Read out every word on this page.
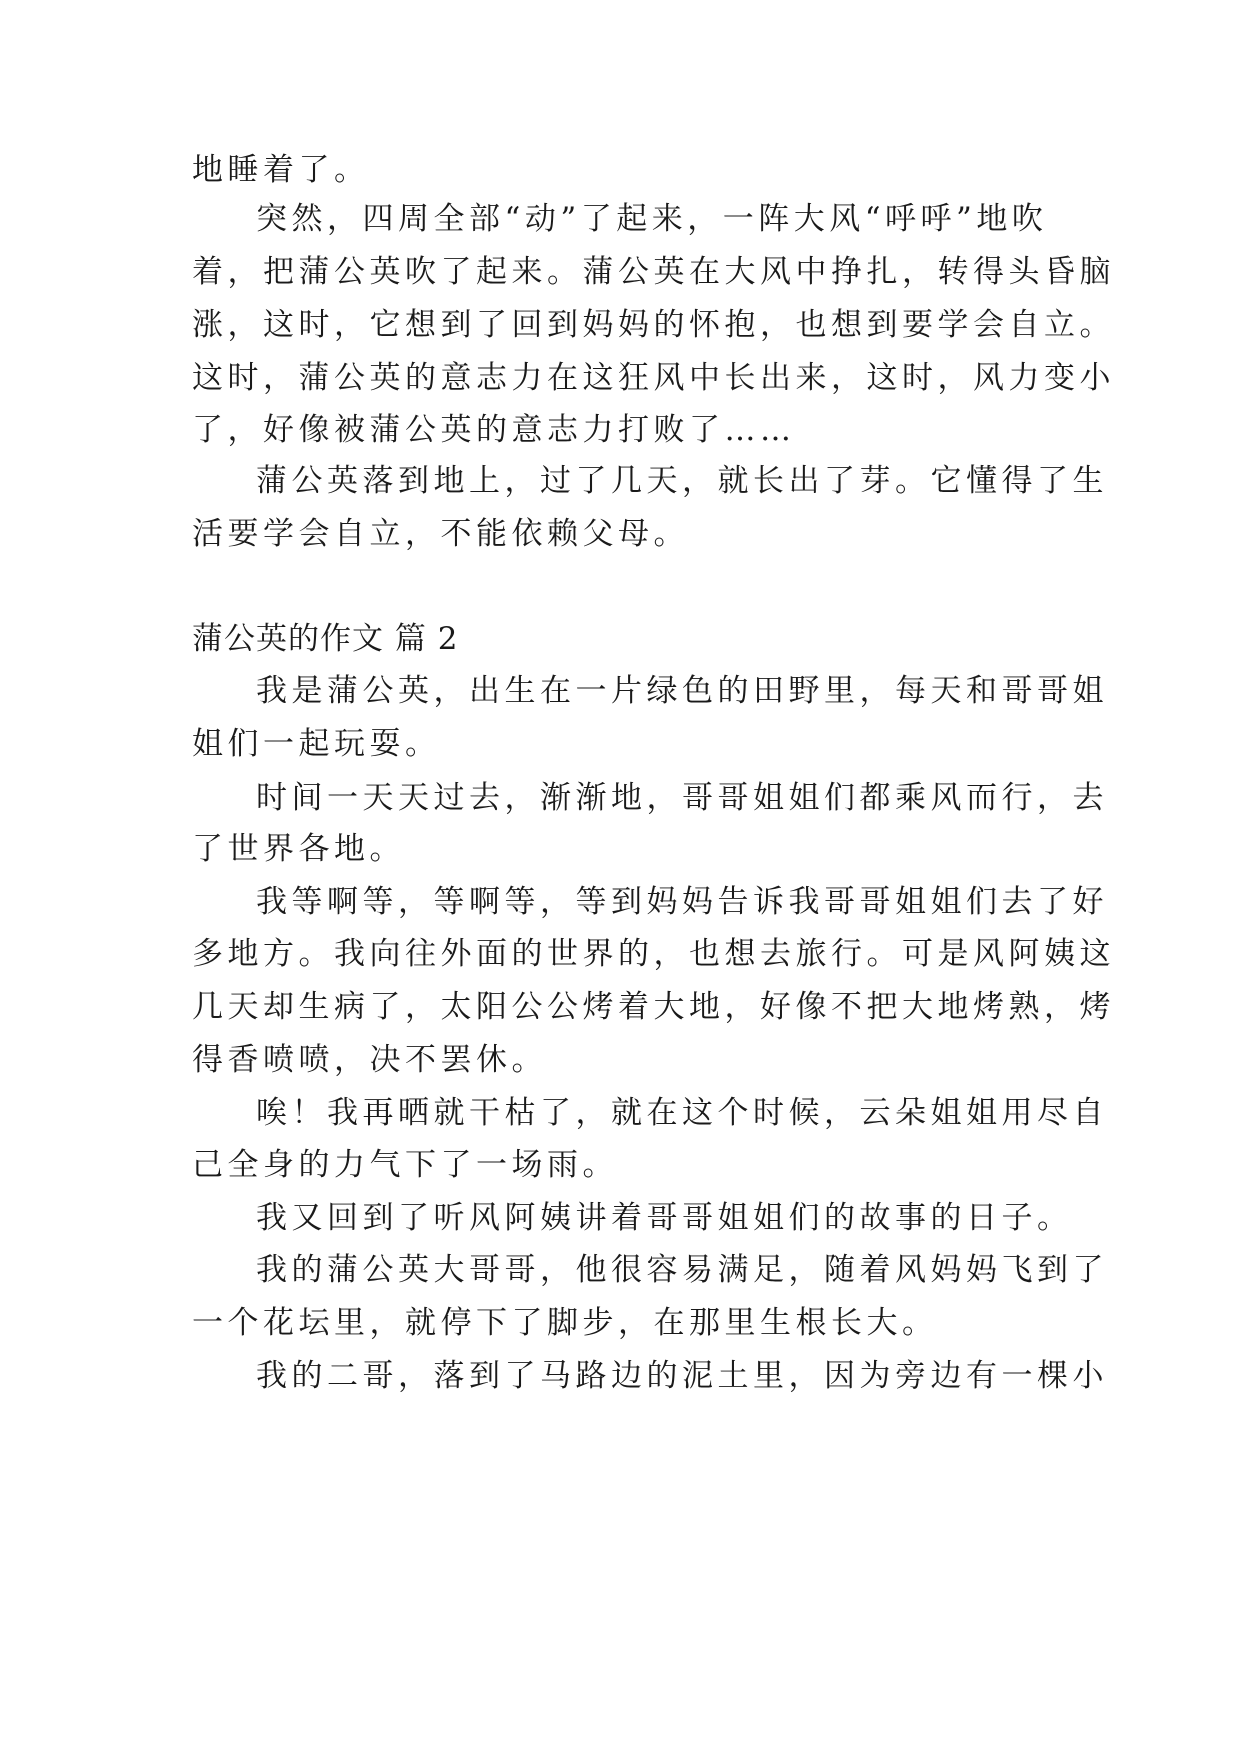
地睡着了。
突然，四周全部“动”了起来，一阵大风“呼呼”地吹
着，把蒲公英吹了起来。蒲公英在大风中挣扎，转得头昏脑
涨，这时，它想到了回到妈妈的怀抱，也想到要学会自立。
这时，蒲公英的意志力在这狂风中长出来，这时，风力变小
了，好像被蒲公英的意志力打败了……
蒲公英落到地上，过了几天，就长出了芽。它懂得了生
活要学会自立，不能依赖父母。
蒲公英的作文 篇 2
我是蒲公英，出生在一片绿色的田野里，每天和哥哥姐
姐们一起玩耍。
时间一天天过去，渐渐地，哥哥姐姐们都乘风而行，去
了世界各地。
我等啊等，等啊等，等到妈妈告诉我哥哥姐姐们去了好
多地方。我向往外面的世界的，也想去旅行。可是风阿姨这
几天却生病了，太阳公公烤着大地，好像不把大地烤熟，烤
得香喷喷，决不罢休。
唉！我再晒就干枯了，就在这个时候，云朵姐姐用尽自
己全身的力气下了一场雨。
我又回到了听风阿姨讲着哥哥姐姐们的故事的日子。
我的蒲公英大哥哥，他很容易满足，随着风妈妈飞到了
一个花坛里，就停下了脚步，在那里生根长大。
我的二哥，落到了马路边的泥土里，因为旁边有一棵小
